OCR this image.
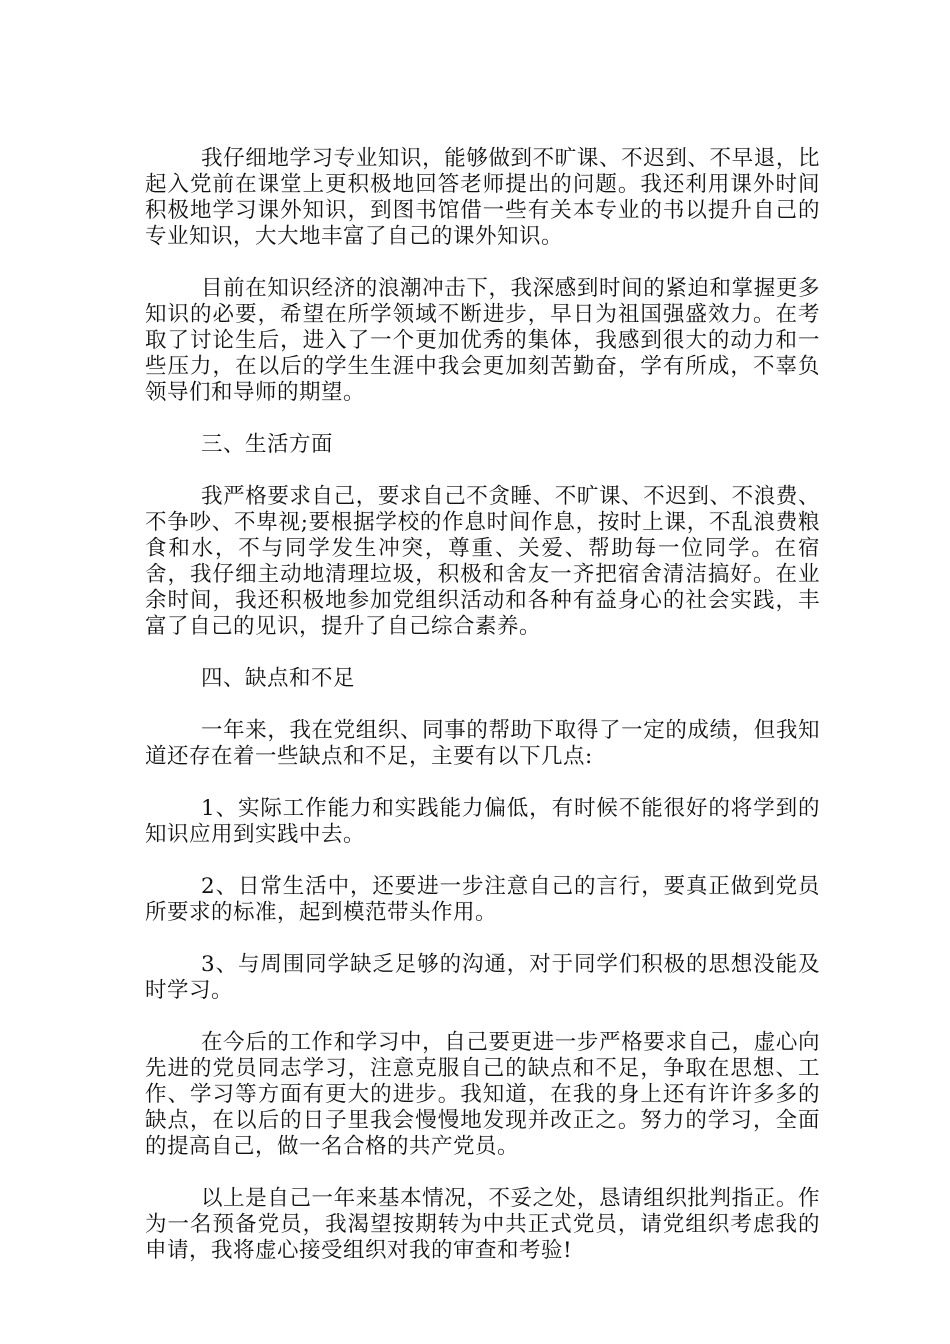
我仔细地学习专业知识，能够做到不旷课、不迟到、不早退，比起入党前在课堂上更积极地回答老师提出的问题。我还利用课外时间积极地学习课外知识，到图书馆借一些有关本专业的书以提升自己的专业知识，大大地丰富了自己的课外知识。

目前在知识经济的浪潮冲击下，我深感到时间的紧迫和掌握更多知识的必要，希望在所学领域不断进步，早日为祖国强盛效力。在考取了讨论生后，进入了一个更加优秀的集体，我感到很大的动力和一些压力，在以后的学生生涯中我会更加刻苦勤奋，学有所成，不辜负领导们和导师的期望。

三、生活方面

我严格要求自己，要求自己不贪睡、不旷课、不迟到、不浪费、不争吵、不卑视;要根据学校的作息时间作息，按时上课，不乱浪费粮食和水，不与同学发生冲突，尊重、关爱、帮助每一位同学。在宿舍，我仔细主动地清理垃圾，积极和舍友一齐把宿舍清洁搞好。在业余时间，我还积极地参加党组织活动和各种有益身心的社会实践，丰富了自己的见识，提升了自己综合素养。

四、缺点和不足

一年来，我在党组织、同事的帮助下取得了一定的成绩，但我知道还存在着一些缺点和不足，主要有以下几点:

1、实际工作能力和实践能力偏低，有时候不能很好的将学到的知识应用到实践中去。

2、日常生活中，还要进一步注意自己的言行，要真正做到党员所要求的标准，起到模范带头作用。

3、与周围同学缺乏足够的沟通，对于同学们积极的思想没能及时学习。

在今后的工作和学习中，自己要更进一步严格要求自己，虚心向先进的党员同志学习，注意克服自己的缺点和不足，争取在思想、工作、学习等方面有更大的进步。我知道，在我的身上还有许许多多的缺点，在以后的日子里我会慢慢地发现并改正之。努力的学习，全面的提高自己，做一名合格的共产党员。

以上是自己一年来基本情况，不妥之处，恳请组织批判指正。作为一名预备党员，我渴望按期转为中共正式党员，请党组织考虑我的申请，我将虚心接受组织对我的审查和考验!
